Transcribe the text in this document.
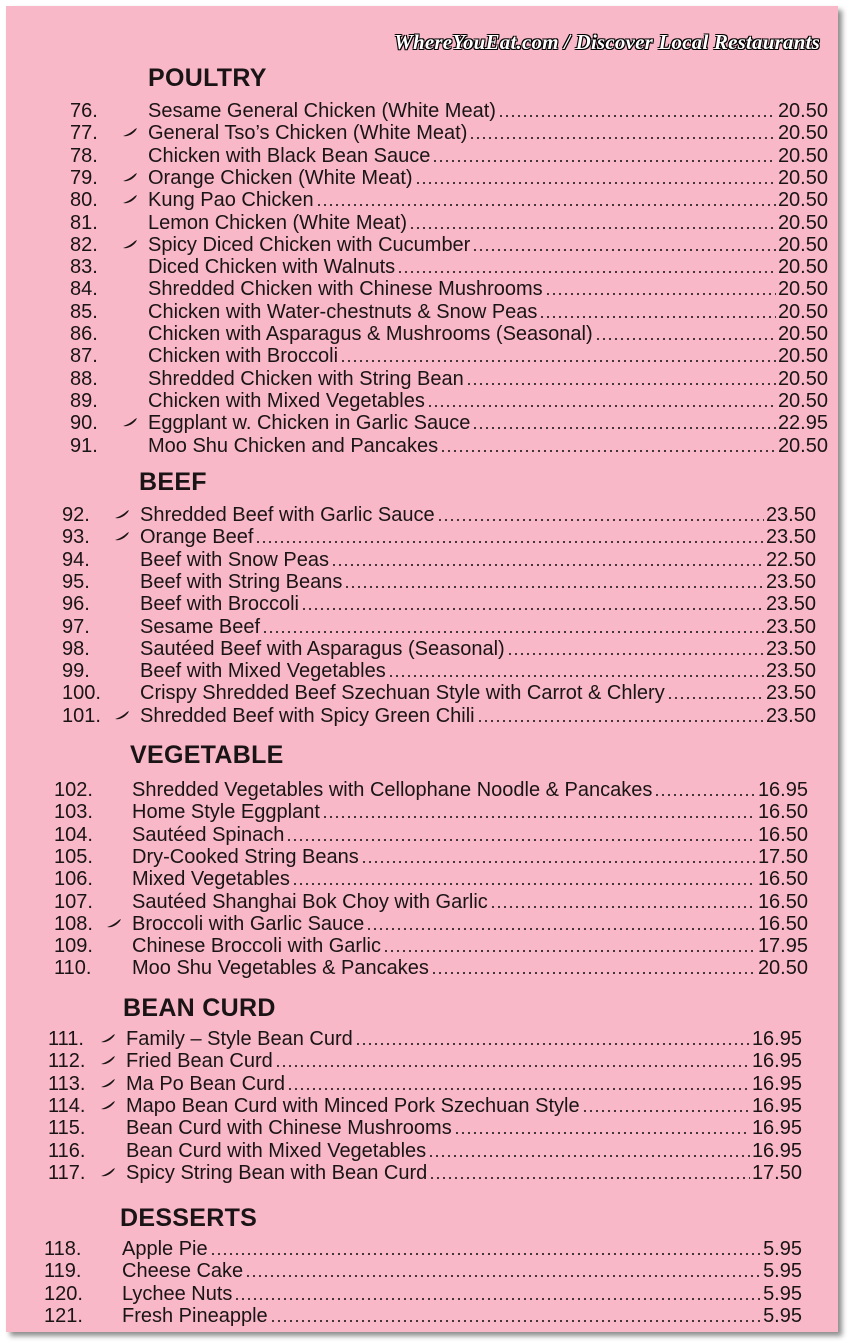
WhereYouEat.com / Discover Local Restaurants
POULTRY
76.	Sesame General Chicken (White Meat)	20.50
77.	General Tso’s Chicken (White Meat)	20.50
78.	Chicken with Black Bean Sauce	20.50
79.	Orange Chicken (White Meat)	20.50
80.	Kung Pao Chicken	20.50
81.	Lemon Chicken (White Meat)	20.50
82.	Spicy Diced Chicken with Cucumber	20.50
83.	Diced Chicken with Walnuts	20.50
84.	Shredded Chicken with Chinese Mushrooms	20.50
85.	Chicken with Water-chestnuts & Snow Peas	20.50
86.	Chicken with Asparagus & Mushrooms (Seasonal)	20.50
87.	Chicken with Broccoli	20.50
88.	Shredded Chicken with String Bean	20.50
89.	Chicken with Mixed Vegetables	20.50
90.	Eggplant w. Chicken in Garlic Sauce	22.95
91.	Moo Shu Chicken and Pancakes	20.50
BEEF
92.	Shredded Beef with Garlic Sauce	23.50
93.	Orange Beef	23.50
94.	Beef with Snow Peas	22.50
95.	Beef with String Beans	23.50
96.	Beef with Broccoli	23.50
97.	Sesame Beef	23.50
98.	Sautéed Beef with Asparagus (Seasonal)	23.50
99.	Beef with Mixed Vegetables	23.50
100.	Crispy Shredded Beef Szechuan Style with Carrot & Chlery	23.50
101.	Shredded Beef with Spicy Green Chili	23.50
VEGETABLE
102.	Shredded Vegetables with Cellophane Noodle & Pancakes	16.95
103.	Home Style Eggplant	16.50
104.	Sautéed Spinach	16.50
105.	Dry-Cooked String Beans	17.50
106.	Mixed Vegetables	16.50
107.	Sautéed Shanghai Bok Choy with Garlic	16.50
108.	Broccoli with Garlic Sauce	16.50
109.	Chinese Broccoli with Garlic	17.95
110.	Moo Shu Vegetables & Pancakes	20.50
BEAN CURD
111.	Family – Style Bean Curd	16.95
112.	Fried Bean Curd	16.95
113.	Ma Po Bean Curd	16.95
114.	Mapo Bean Curd with Minced Pork Szechuan Style	16.95
115.	Bean Curd with Chinese Mushrooms	16.95
116.	Bean Curd with Mixed Vegetables	16.95
117.	Spicy String Bean with Bean Curd	17.50
DESSERTS
118.	Apple Pie	5.95
119.	Cheese Cake	5.95
120.	Lychee Nuts	5.95
121.	Fresh Pineapple	5.95
